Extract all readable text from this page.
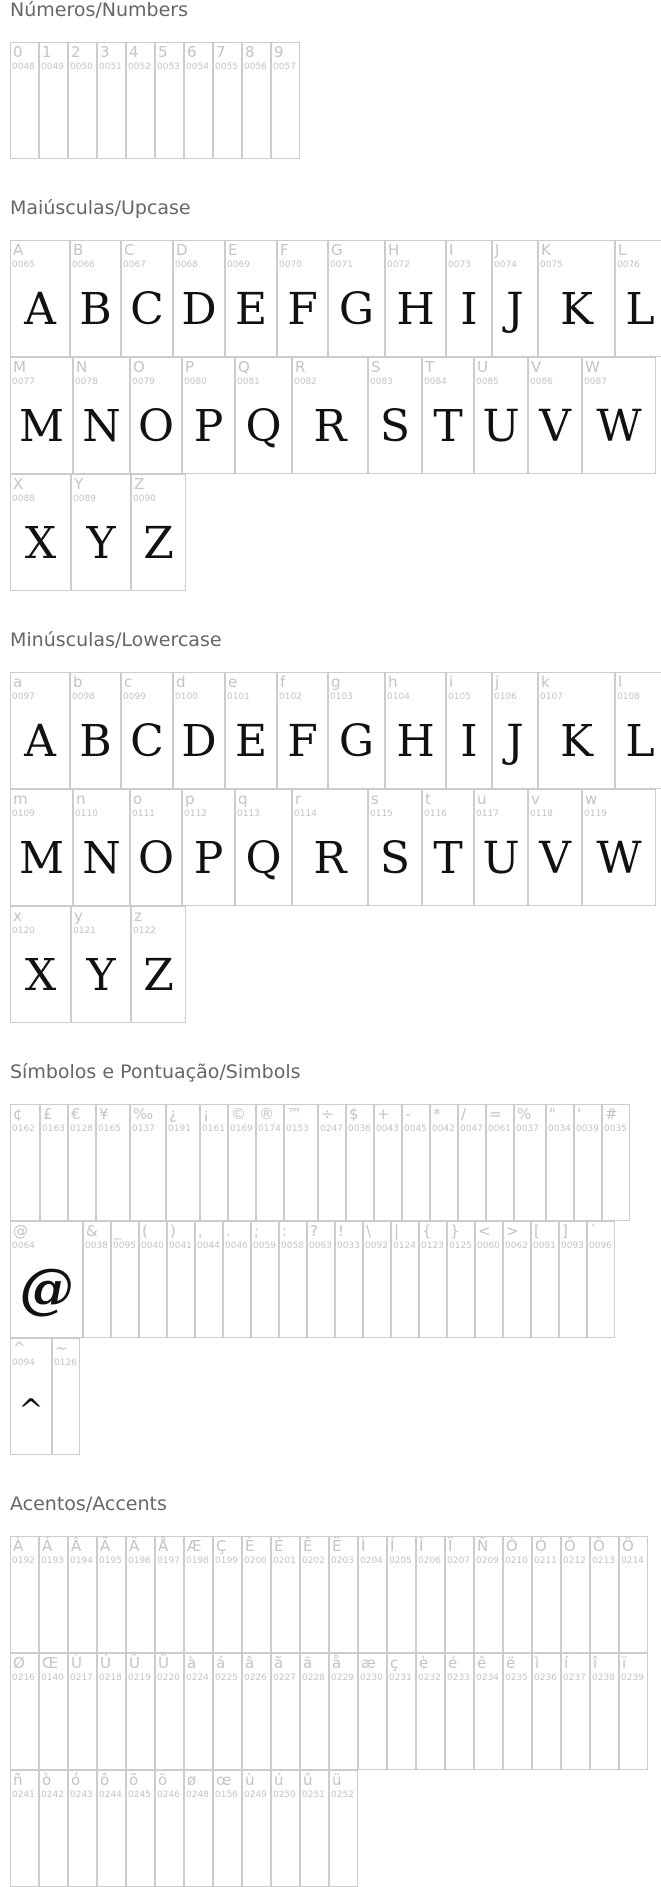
Números/Numbers
0
0048
1
0049
2
0050
3
0051
4
0052
5
0053
6
0054
7
0055
8
0056
9
0057
Maiúsculas/Upcase
A
0065
A
B
0066
B
C
0067
C
D
0068
D
E
0069
E
F
0070
F
G
0071
G
H
0072
H
I
0073
I
J
0074
J
K
0075
K
L
0076
L
M
0077
M
N
0078
N
O
0079
O
P
0080
P
Q
0081
Q
R
0082
R
S
0083
S
T
0084
T
U
0085
U
V
0086
V
W
0087
W
X
0088
X
Y
0089
Y
Z
0090
Z
Minúsculas/Lowercase
a
0097
A
b
0098
B
c
0099
C
d
0100
D
e
0101
E
f
0102
F
g
0103
G
h
0104
H
i
0105
I
j
0106
J
k
0107
K
l
0108
L
m
0109
M
n
0110
N
o
0111
O
p
0112
P
q
0113
Q
r
0114
R
s
0115
S
t
0116
T
u
0117
U
v
0118
V
w
0119
W
x
0120
X
y
0121
Y
z
0122
Z
Símbolos e Pontuação/Simbols
¢
0162
£
0163
€
0128
¥
0165
‰
0137
¿
0191
¡
0161
©
0169
®
0174
™
0153
÷
0247
$
0036
+
0043
-
0045
*
0042
/
0047
=
0061
%
0037
"
0034
'
0039
#
0035
@
0064
@
&
0038
_
0095
(
0040
)
0041
,
0044
.
0046
;
0059
:
0058
?
0063
!
0033
\
0092
|
0124
{
0123
}
0125
<
0060
>
0062
[
0091
]
0093
`
0096
^
0094
^
~
0126
Acentos/Accents
À
0192
Á
0193
Â
0194
Ã
0195
Ä
0196
Å
0197
Æ
0198
Ç
0199
È
0200
É
0201
Ê
0202
Ë
0203
Ì
0204
Í
0205
Î
0206
Ï
0207
Ñ
0209
Ò
0210
Ó
0211
Ô
0212
Õ
0213
Ö
0214
Ø
0216
Œ
0140
Ù
0217
Ú
0218
Û
0219
Ü
0220
à
0224
á
0225
â
0226
ã
0227
ä
0228
å
0229
æ
0230
ç
0231
è
0232
é
0233
ê
0234
ë
0235
ì
0236
í
0237
î
0238
ï
0239
ñ
0241
ò
0242
ó
0243
ô
0244
õ
0245
ö
0246
ø
0248
œ
0156
ù
0249
ú
0250
û
0251
ü
0252
